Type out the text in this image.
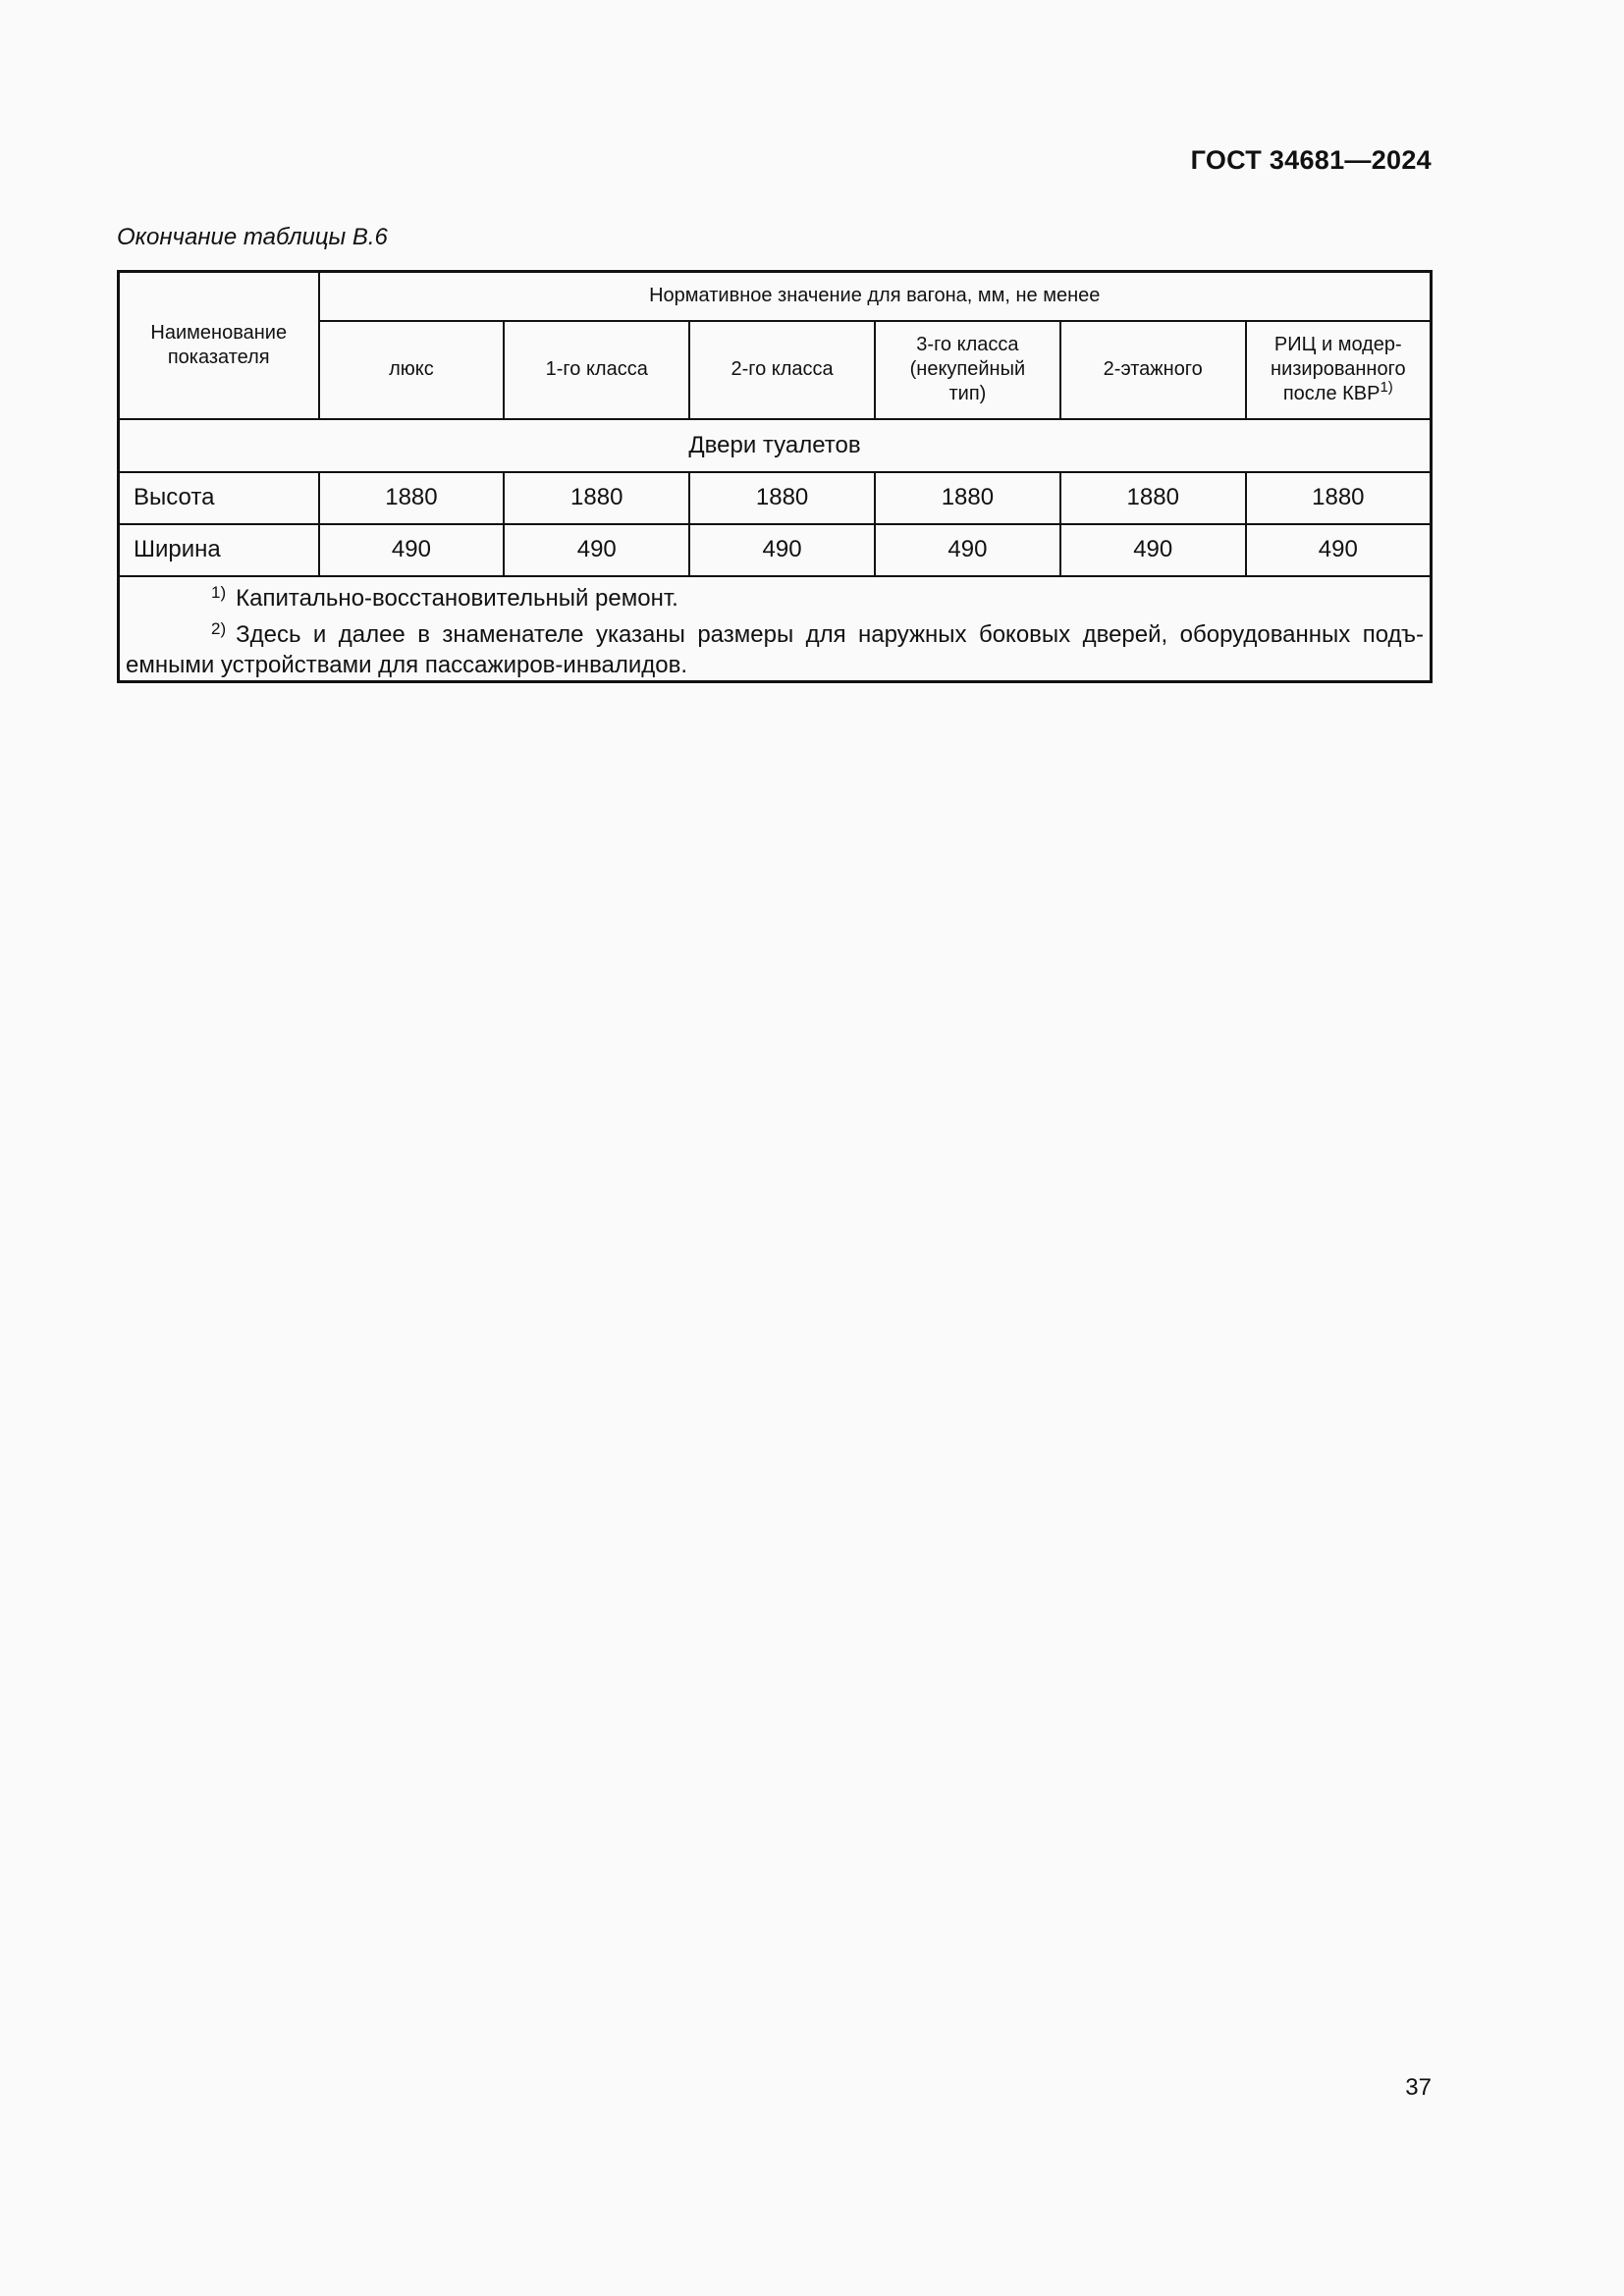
ГОСТ 34681—2024
Окончание таблицы В.6
Наименование показателя	Нормативное значение для вагона, мм, не менее					
	люкс	1-го класса	2-го класса	3-го класса (некупейный тип)	2-этажного	РИЦ и модер-низированного после КВР$^{1)}$
Двери туалетов						
Высота	1880	1880	1880	1880	1880	1880
Ширина	490	490	490	490	490	490

1) Капитально-восстановительный ремонт.
2) Здесь и далее в знаменателе указаны размеры для наружных боковых дверей, оборудованных подъ-емными устройствами для пассажиров-инвалидов.						
37
